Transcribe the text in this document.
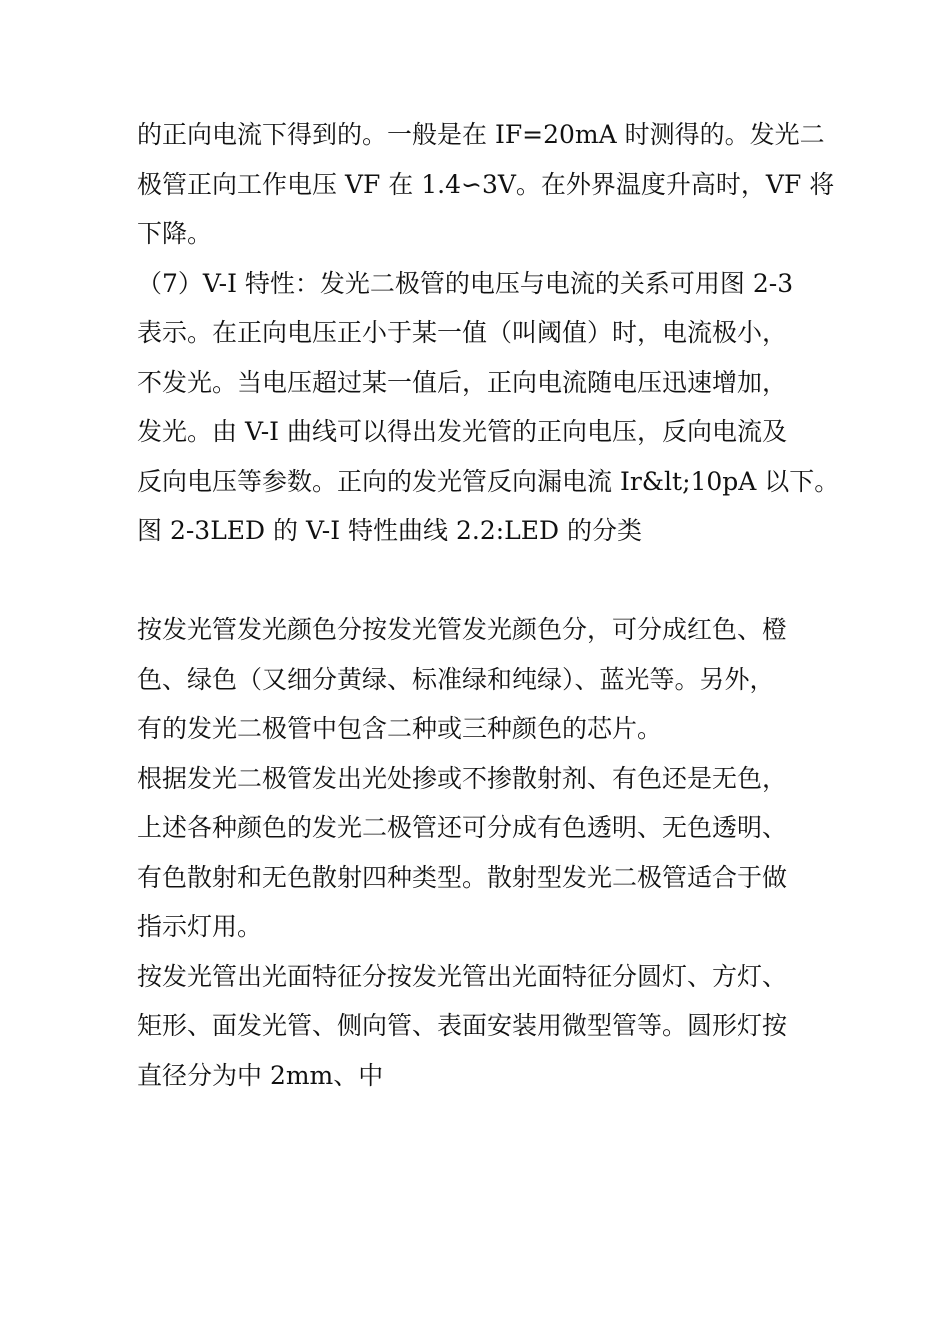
的正向电流下得到的。一般是在 IF=20mA 时测得的。发光二
极管正向工作电压 VF 在 1.4∽3V。在外界温度升高时，VF 将
下降。
（7）V-I 特性：发光二极管的电压与电流的关系可用图 2-3
表示。在正向电压正小于某一值（叫阈值）时，电流极小，
不发光。当电压超过某一值后，正向电流随电压迅速增加，
发光。由 V-I 曲线可以得出发光管的正向电压，反向电流及
反向电压等参数。正向的发光管反向漏电流 Ir&lt;10pA 以下。
图 2-3LED 的 V-I 特性曲线 2.2:LED 的分类
按发光管发光颜色分按发光管发光颜色分，可分成红色、橙
色、绿色（又细分黄绿、标准绿和纯绿）、蓝光等。另外，
有的发光二极管中包含二种或三种颜色的芯片。
根据发光二极管发出光处掺或不掺散射剂、有色还是无色，
上述各种颜色的发光二极管还可分成有色透明、无色透明、
有色散射和无色散射四种类型。散射型发光二极管适合于做
指示灯用。
按发光管出光面特征分按发光管出光面特征分圆灯、方灯、
矩形、面发光管、侧向管、表面安装用微型管等。圆形灯按
直径分为中 2mm、中
